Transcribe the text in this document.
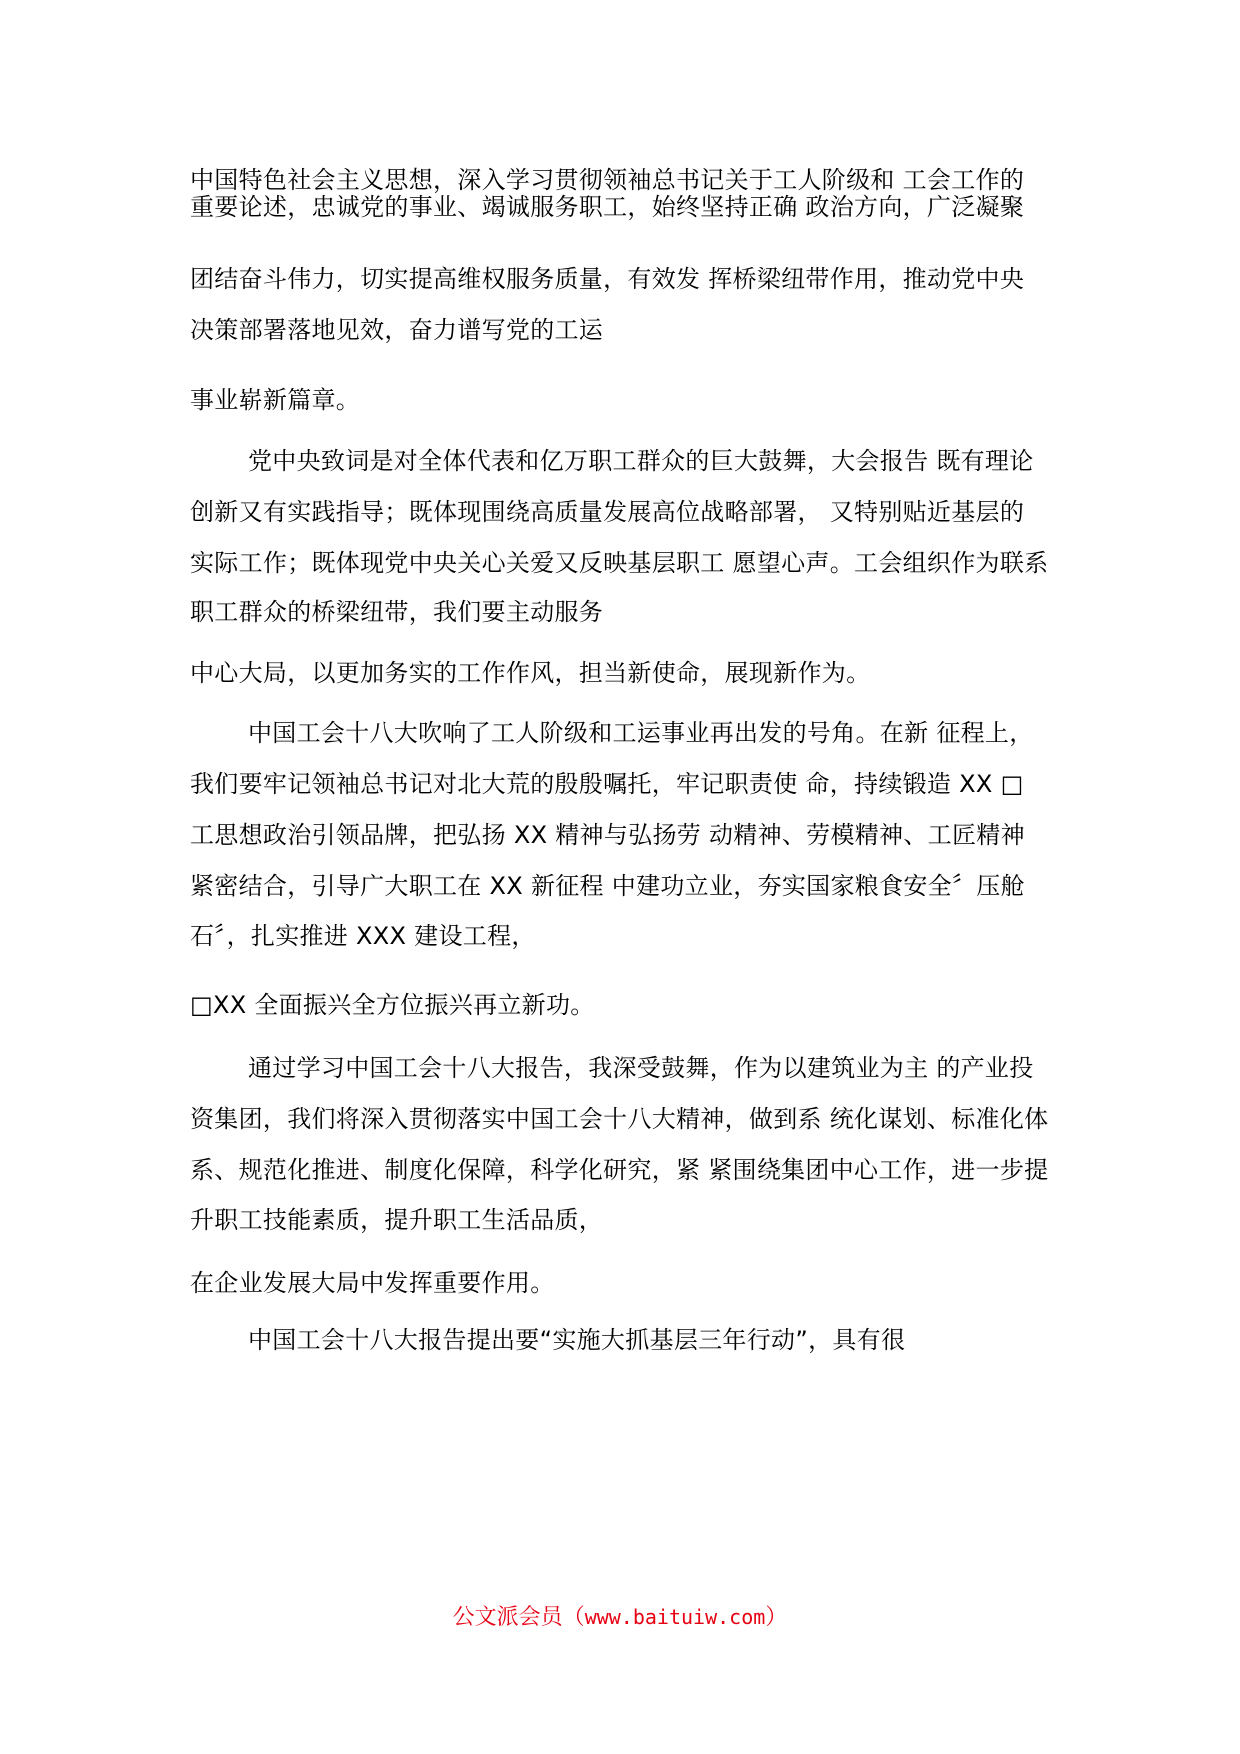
中国特色社会主义思想，深入学习贯彻领袖总书记关于工人阶级和 工会工作的
重要论述，忠诚党的事业、竭诚服务职工，始终坚持正确 政治方向，广泛凝聚
团结奋斗伟力，切实提高维权服务质量，有效发 挥桥梁纽带作用，推动党中央
决策部署落地见效，奋力谱写党的工运
事业崭新篇章。
党中央致词是对全体代表和亿万职工群众的巨大鼓舞，大会报告 既有理论
创新又有实践指导；既体现围绕高质量发展高位战略部署， 又特别贴近基层的
实际工作；既体现党中央关心关爱又反映基层职工 愿望心声。工会组织作为联系
职工群众的桥梁纽带，我们要主动服务
中心大局，以更加务实的工作作风，担当新使命，展现新作为。
中国工会十八大吹响了工人阶级和工运事业再出发的号角。在新 征程上，
我们要牢记领袖总书记对北大荒的殷殷嘱托，牢记职责使 命，持续锻造 XX □
工思想政治引领品牌，把弘扬 XX 精神与弘扬劳 动精神、劳模精神、工匠精神
紧密结合，引导广大职工在 XX 新征程 中建功立业，夯实国家粮食安全〞压舱
石〞，扎实推进 XXX 建设工程，
□XX 全面振兴全方位振兴再立新功。
通过学习中国工会十八大报告，我深受鼓舞，作为以建筑业为主 的产业投
资集团，我们将深入贯彻落实中国工会十八大精神，做到系 统化谋划、标准化体
系、规范化推进、制度化保障，科学化研究，紧 紧围绕集团中心工作，进一步提
升职工技能素质，提升职工生活品质，
在企业发展大局中发挥重要作用。
中国工会十八大报告提出要“实施大抓基层三年行动”，具有很
公文派会员（www.baituiw.com）
